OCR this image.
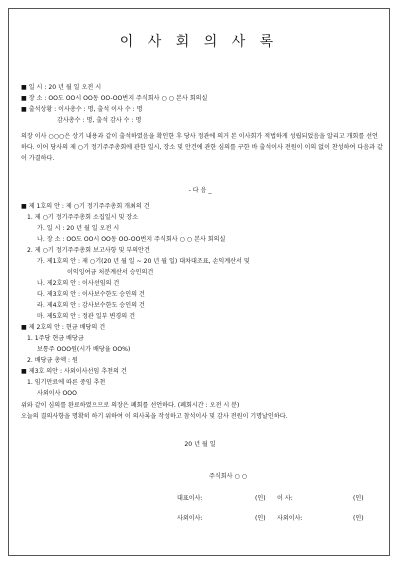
이 사 회 의 사 록
■ 일 시 : 20 년 월 일 오전 시
■ 장 소 : OO도 OO시 OO동 OO-OO번지 주식회사 ○ ○ 본사 회의실
■ 출석상황 : 이사총수 : 명, 출석 이사 수 : 명
감사총수 : 명, 출석 감사 수 : 명
의장 이사 ○○○은 상기 내용과 같이 출석하였음을 확인한 후 당사 정관에 의거 본 이사회가 적법하게 성립되었음을 알리고 개회를 선언하다. 이어 당사의 제 ○기 정기주주총회에 관한 일시, 장소 및 안건에 관한 심의를 구한 바 출석이사 전원이 이의 없이 찬성하여 다음과 같이 가결하다.
- 다 음 _
■ 제 1호의 안 : 제 ○기 정기주주총회 개최의 건
1. 제 ○기 정기주주총회 소집일시 및 장소
가. 일 시 : 20 년 월 일 오전 시
나. 장 소 : OO도 OO시 OO동 OO-OO번지 주식회사 ○ ○ 본사 회의실
2. 제 ○기 정기주주총회 보고사항 및 부의안건
가. 제1호의 안 : 제 ○기(20 년 월 일 ~ 20 년 월 일) 대차대조표, 손익계산서 및
이익잉여금 처분계산서 승인의건
나. 제2호의 안 : 이사선임의 건
다. 제3호의 안 : 이사보수한도 승인의 건
라. 제4호의 안 : 감사보수한도 승인의 건
마. 제5호의 안 : 정관 일부 변경의 건
■ 제 2호의 안 : 현금 배당의 건
1. 1주당 현금 배당금
보통주 OOO원(시가 배당율 OO%)
2. 배당금 총액 : 원
■ 제3호 의안 : 사외이사선임 추천의 건
1. 임기만료에 따른 중임 추천
사외이사 OOO
위와 같이 심의를 완료하였으므로 의장은 폐회를 선언하다. (폐회시간 : 오전 시 분)
오늘의 결의사항을 명확히 하기 위하여 이 의사록을 작성하고 참석이사 및 감사 전원이 기명날인하다.
20 년 월 일
주식회사 ○ ○
대표이사:	(인) 이 사:	(인)
사외이사:	(인) 사외이사:	(인)
